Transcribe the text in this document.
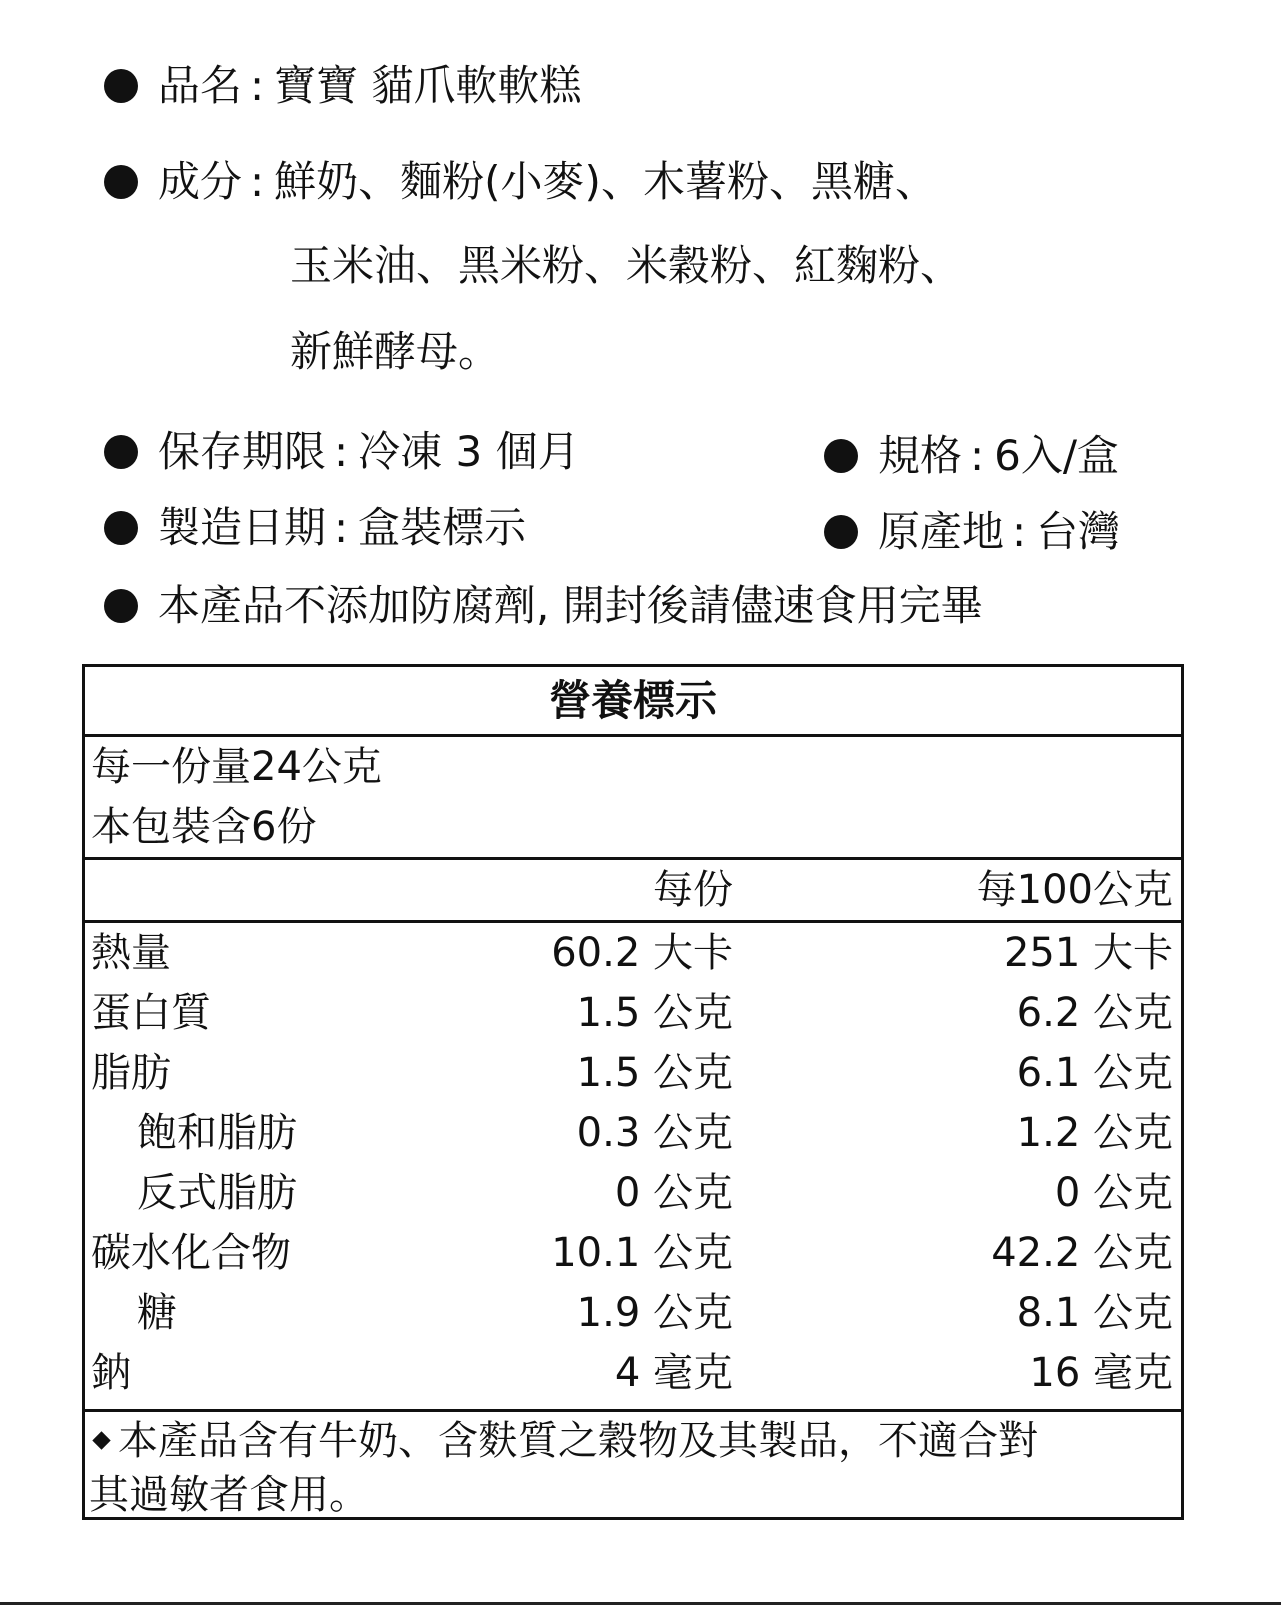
品名 : 寶寶 貓爪軟軟糕
成分 : 鮮奶、麵粉(小麥)、木薯粉、黑糖、
玉米油、黑米粉、米穀粉、紅麴粉、
新鮮酵母。
保存期限 : 冷凍 3 個月	規格 : 6入/盒
製造日期 : 盒裝標示	原產地 : 台灣
本產品不添加防腐劑, 開封後請儘速食用完畢
營養標示
每一份量24公克
本包裝含6份
每份	每100公克
熱量	60.2 大卡	251 大卡
蛋白質	1.5 公克	6.2 公克
脂肪	1.5 公克	6.1 公克
飽和脂肪	0.3 公克	1.2 公克
反式脂肪	0 公克	0 公克
碳水化合物	10.1 公克	42.2 公克
糖	1.9 公克	8.1 公克
鈉	4 毫克	16 毫克
本產品含有牛奶、含麩質之穀物及其製品，不適合對
其過敏者食用。
